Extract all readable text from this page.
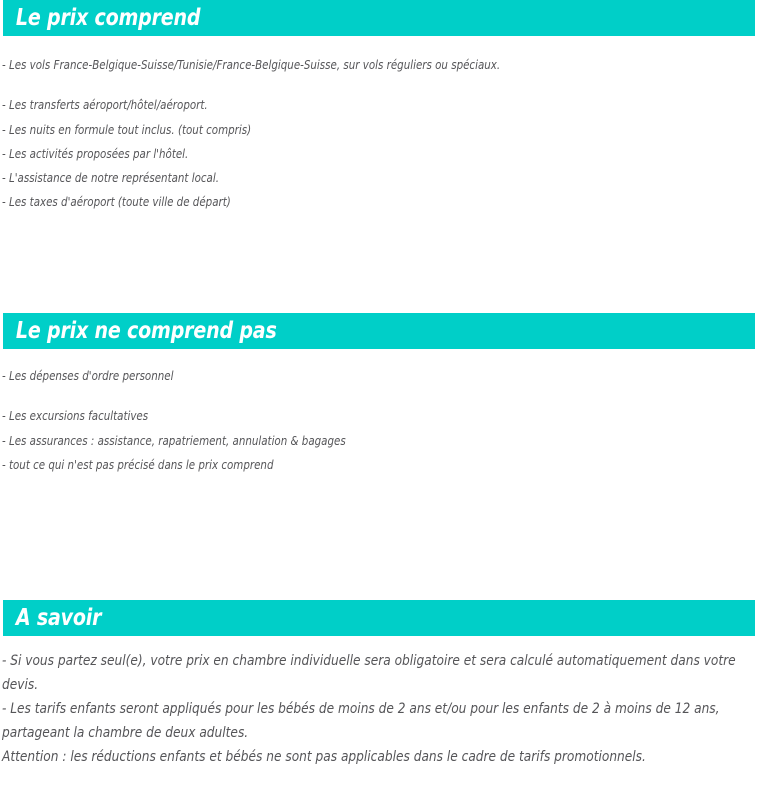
Le prix comprend
- Les vols France-Belgique-Suisse/Tunisie/France-Belgique-Suisse, sur vols réguliers ou spéciaux.
- Les transferts aéroport/hôtel/aéroport.
- Les nuits en formule tout inclus. (tout compris)
- Les activités proposées par l'hôtel.
- L'assistance de notre représentant local.
- Les taxes d'aéroport (toute ville de départ)
Le prix ne comprend pas
- Les dépenses d'ordre personnel
- Les excursions facultatives
- Les assurances : assistance, rapatriement, annulation & bagages
- tout ce qui n'est pas précisé dans le prix comprend
A savoir
- Si vous partez seul(e), votre prix en chambre individuelle sera obligatoire et sera calculé automatiquement dans votre devis.
- Les tarifs enfants seront appliqués pour les bébés de moins de 2 ans et/ou pour les enfants de 2 à moins de 12 ans, partageant la chambre de deux adultes.
Attention : les réductions enfants et bébés ne sont pas applicables dans le cadre de tarifs promotionnels.
